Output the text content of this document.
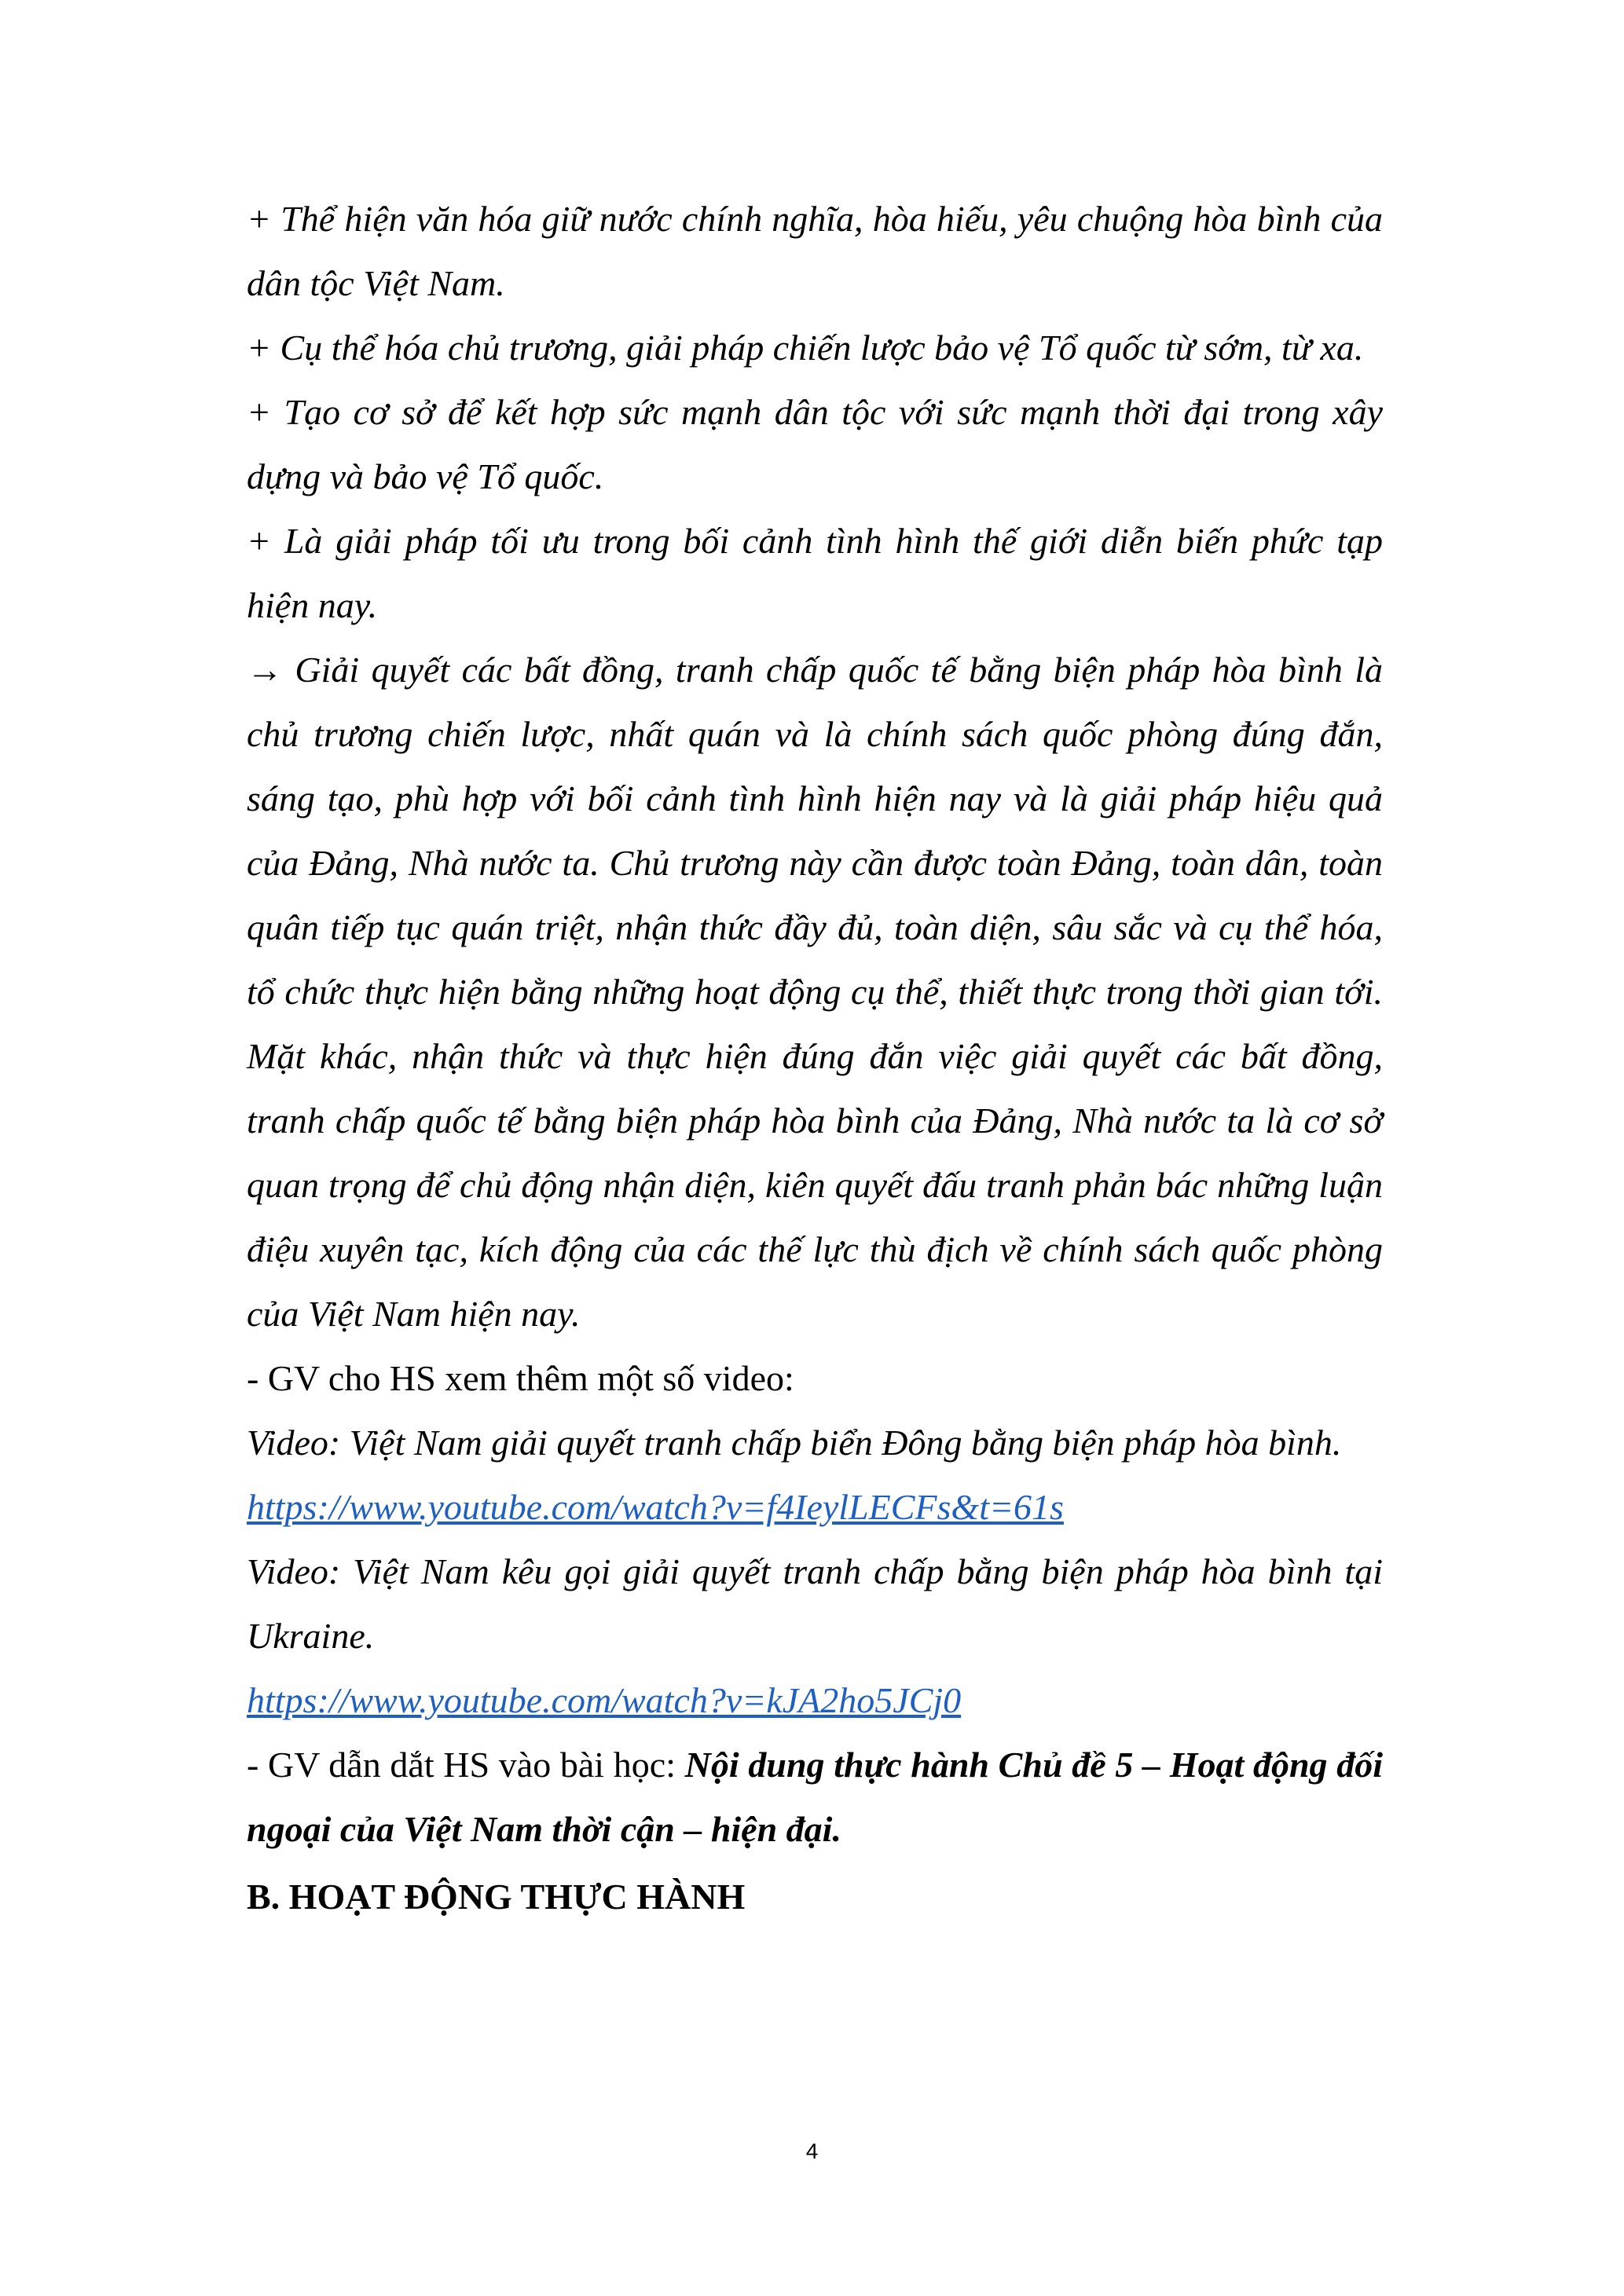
+ Thể hiện văn hóa giữ nước chính nghĩa, hòa hiếu, yêu chuộng hòa bình của dân tộc Việt Nam.

+ Cụ thể hóa chủ trương, giải pháp chiến lược bảo vệ Tổ quốc từ sớm, từ xa.

+ Tạo cơ sở để kết hợp sức mạnh dân tộc với sức mạnh thời đại trong xây dựng và bảo vệ Tổ quốc.

+ Là giải pháp tối ưu trong bối cảnh tình hình thế giới diễn biến phức tạp hiện nay.

→ Giải quyết các bất đồng, tranh chấp quốc tế bằng biện pháp hòa bình là chủ trương chiến lược, nhất quán và là chính sách quốc phòng đúng đắn, sáng tạo, phù hợp với bối cảnh tình hình hiện nay và là giải pháp hiệu quả của Đảng, Nhà nước ta. Chủ trương này cần được toàn Đảng, toàn dân, toàn quân tiếp tục quán triệt, nhận thức đầy đủ, toàn diện, sâu sắc và cụ thể hóa, tổ chức thực hiện bằng những hoạt động cụ thể, thiết thực trong thời gian tới. Mặt khác, nhận thức và thực hiện đúng đắn việc giải quyết các bất đồng, tranh chấp quốc tế bằng biện pháp hòa bình của Đảng, Nhà nước ta là cơ sở quan trọng để chủ động nhận diện, kiên quyết đấu tranh phản bác những luận điệu xuyên tạc, kích động của các thế lực thù địch về chính sách quốc phòng của Việt Nam hiện nay.

- GV cho HS xem thêm một số video:

Video: Việt Nam giải quyết tranh chấp biển Đông bằng biện pháp hòa bình.

https://www.youtube.com/watch?v=f4IeylLECFs&t=61s

Video: Việt Nam kêu gọi giải quyết tranh chấp bằng biện pháp hòa bình tại Ukraine.

https://www.youtube.com/watch?v=kJA2ho5JCj0

- GV dẫn dắt HS vào bài học: Nội dung thực hành Chủ đề 5 – Hoạt động đối ngoại của Việt Nam thời cận – hiện đại.

B. HOẠT ĐỘNG THỰC HÀNH

4
